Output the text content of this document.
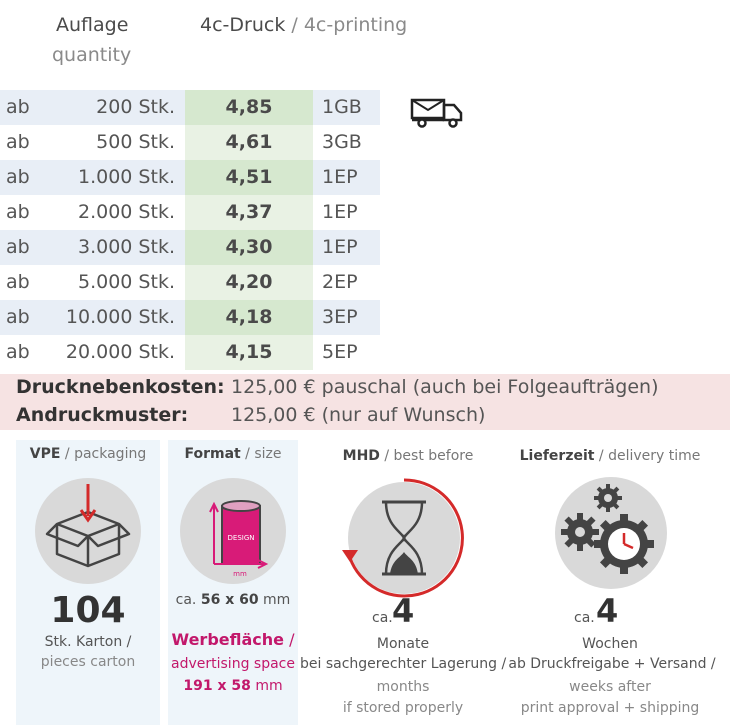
Auflage
quantity
4c-Druck / 4c-printing
ab	200 Stk.	4,85	1GB
ab	500 Stk.	4,61	3GB
ab	1.000 Stk.	4,51	1EP
ab	2.000 Stk.	4,37	1EP
ab	3.000 Stk.	4,30	1EP
ab	5.000 Stk.	4,20	2EP
ab 10.000 Stk.	4,18	3EP
ab 20.000 Stk.	4,15	5EP
Drucknebenkosten: 125,00 € pauschal (auch bei Folgeaufträgen)
Andruckmuster: 125,00 € (nur auf Wunsch)
VPE / packaging
104
Stk. Karton /
pieces carton
Format / size
DESIGN
mm
ca. 56 x 60 mm
Werbefläche /
advertising space
191 x 58 mm
MHD / best before
ca. 4
Monate
bei sachgerechter Lagerung /
months
if stored properly
Lieferzeit / delivery time
ca. 4
Wochen
ab Druckfreigabe + Versand /
weeks after
print approval + shipping
